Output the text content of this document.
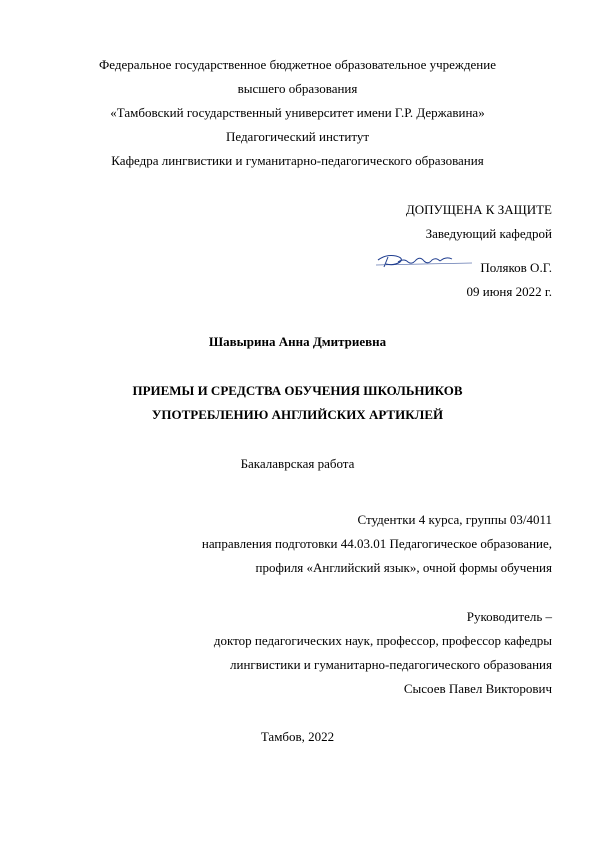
Федеральное государственное бюджетное образовательное учреждение
высшего образования
«Тамбовский государственный университет имени Г.Р. Державина»
Педагогический институт
Кафедра лингвистики и гуманитарно-педагогического образования
ДОПУЩЕНА К ЗАЩИТЕ
Заведующий кафедрой
Поляков О.Г.
09 июня 2022 г.
Шавырина Анна Дмитриевна
ПРИЕМЫ И СРЕДСТВА ОБУЧЕНИЯ ШКОЛЬНИКОВ
УПОТРЕБЛЕНИЮ АНГЛИЙСКИХ АРТИКЛЕЙ
Бакалаврская работа
Студентки 4 курса, группы 03/4011
направления подготовки 44.03.01 Педагогическое образование,
профиля «Английский язык», очной формы обучения
Руководитель –
доктор педагогических наук, профессор, профессор кафедры
лингвистики и гуманитарно-педагогического образования
Сысоев Павел Викторович
Тамбов, 2022
